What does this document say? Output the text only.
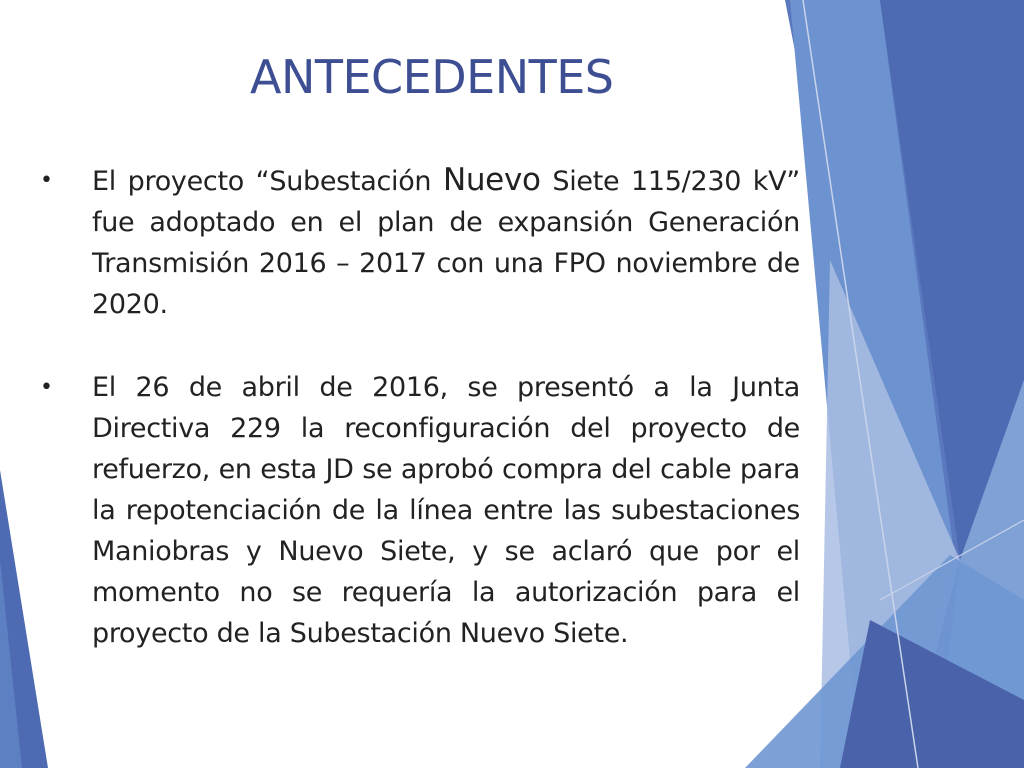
ANTECEDENTES
• El proyecto “Subestación Nuevo Siete 115/230 kV” fue adoptado en el plan de expansión Generación Transmisión 2016 – 2017 con una FPO noviembre de 2020.
• El 26 de abril de 2016, se presentó a la Junta Directiva 229 la reconfiguración del proyecto de refuerzo, en esta JD se aprobó compra del cable para la repotenciación de la línea entre las subestaciones Maniobras y Nuevo Siete, y se aclaró que por el momento no se requería la autorización para el proyecto de la Subestación Nuevo Siete.
